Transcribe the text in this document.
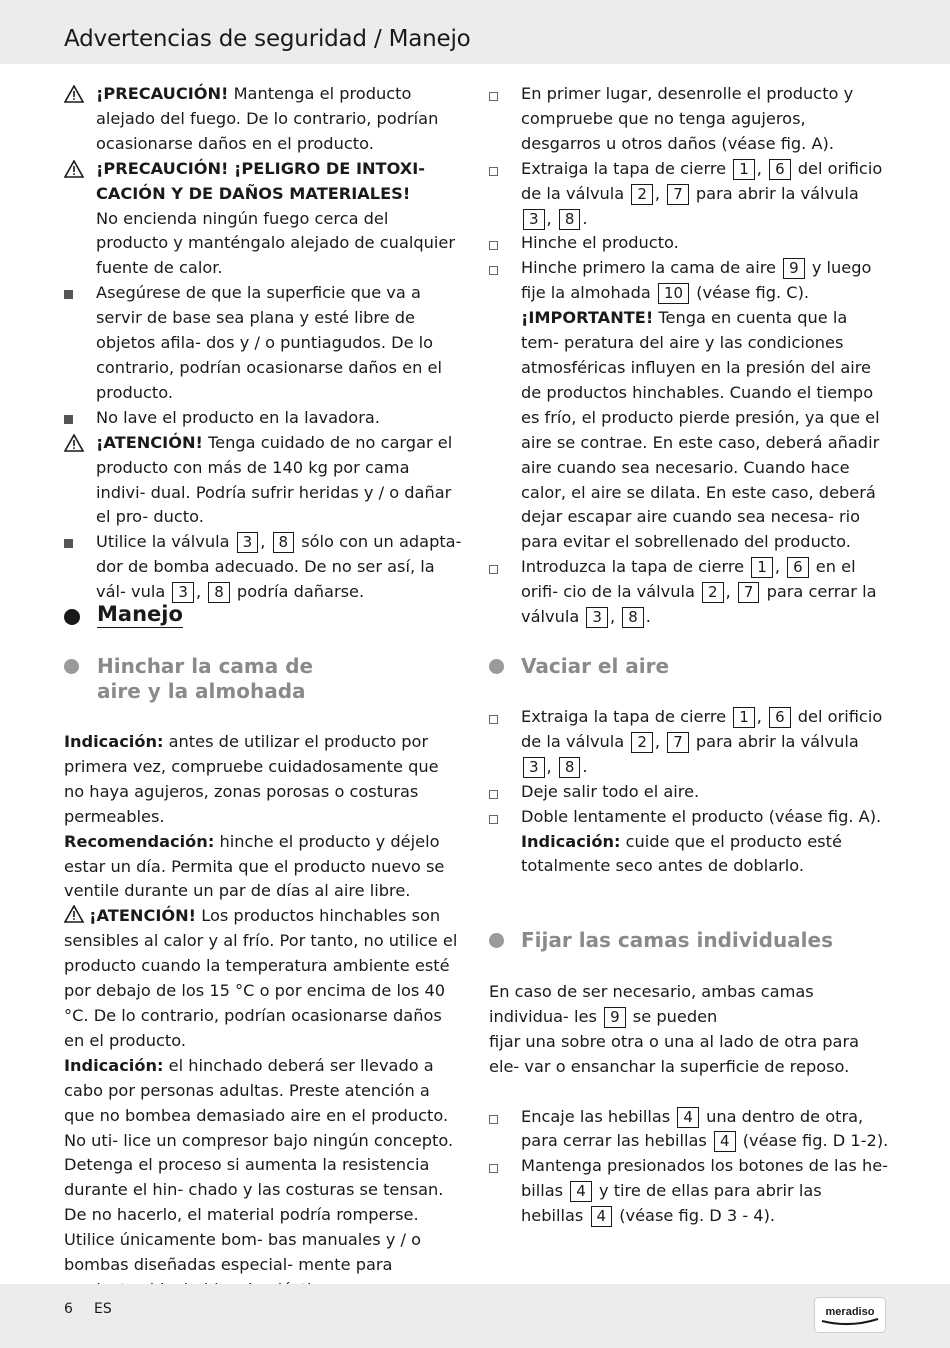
Advertencias de seguridad / Manejo
¡PRECAUCIÓN! Mantenga el producto alejado del fuego. De lo contrario, podrían ocasionarse daños en el producto.
¡PRECAUCIÓN! ¡PELIGRO DE INTOXI- CACIÓN Y DE DAÑOS MATERIALES!
No encienda ningún fuego cerca del producto y manténgalo alejado de cualquier fuente de calor.
Asegúrese de que la superficie que va a servir de base sea plana y esté libre de objetos afila- dos y / o puntiagudos. De lo contrario, podrían ocasionarse daños en el producto.
No lave el producto en la lavadora.
¡ATENCIÓN! Tenga cuidado de no cargar el producto con más de 140 kg por cama indivi- dual. Podría sufrir heridas y / o dañar el pro- ducto.
Utilice la válvula 3 , 8 sólo con un adapta- dor de bomba adecuado. De no ser así, la vál- vula 3 , 8 podría dañarse.
Manejo
Hinchar la cama de
aire y la almohada
Indicación: antes de utilizar el producto por primera vez, compruebe cuidadosamente que no haya agujeros, zonas porosas o costuras permeables.
Recomendación: hinche el producto y déjelo estar un día. Permita que el producto nuevo se ventile durante un par de días al aire libre.
¡ATENCIÓN! Los productos hinchables son sensibles al calor y al frío. Por tanto, no utilice el producto cuando la temperatura ambiente esté por debajo de los 15 °C o por encima de los 40 °C. De lo contrario, podrían ocasionarse daños en el producto.
Indicación: el hinchado deberá ser llevado a cabo por personas adultas. Preste atención a que no bombea demasiado aire en el producto. No uti- lice un compresor bajo ningún concepto. Detenga el proceso si aumenta la resistencia durante el hin- chado y las costuras se tensan. De no hacerlo, el material podría romperse. Utilice únicamente bom- bas manuales y / o bombas diseñadas especial- mente para
En primer lugar, desenrolle el producto y compruebe que no tenga agujeros, desgarros u otros daños (véase fig. A).
Extraiga la tapa de cierre 1 , 6 del orificio de la válvula 2 , 7 para abrir la válvula 3 , 8 .
Hinche el producto.
Hinche primero la cama de aire 9 y luego fije la almohada 10 (véase fig. C).
¡IMPORTANTE! Tenga en cuenta que la tem- peratura del aire y las condiciones atmosféricas influyen en la presión del aire de productos hinchables. Cuando el tiempo es frío, el producto pierde presión, ya que el aire se contrae. En este caso, deberá añadir aire cuando sea necesario. Cuando hace calor, el aire se dilata. En este caso, deberá dejar escapar aire cuando sea necesa- rio para evitar el sobrellenado del producto.
Introduzca la tapa de cierre 1 , 6 en el orifi- cio de la válvula 2 , 7 para cerrar la válvula 3 , 8 .
Vaciar el aire
Extraiga la tapa de cierre 1 , 6 del orificio de la válvula 2 , 7 para abrir la válvula 3 , 8 .
Deje salir todo el aire.
Doble lentamente el producto (véase fig. A).
Indicación: cuide que el producto esté totalmente seco antes de doblarlo.
Fijar las camas individuales
En caso de ser necesario, ambas camas individua- les 9 se pueden
fijar una sobre otra o una al lado de otra para ele- var o ensanchar la superficie de reposo.
Encaje las hebillas 4 una dentro de otra, para cerrar las hebillas 4 (véase fig. D 1-2).
Mantenga presionados los botones de las he- billas 4 y tire de ellas para abrir las hebillas 4 (véase fig. D 3 - 4).
6 ES	meradiso
